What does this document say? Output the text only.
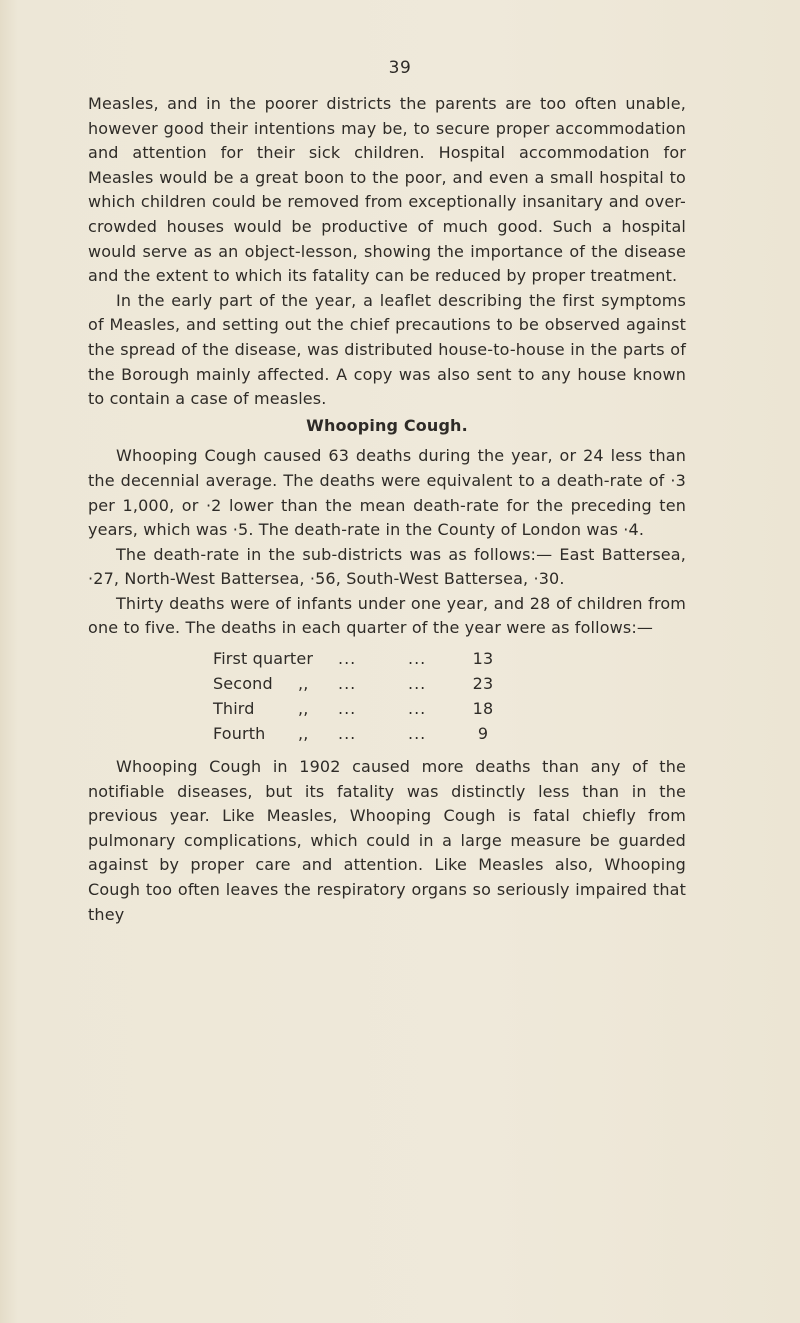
39

Measles, and in the poorer districts the parents are too often unable, however good their intentions may be, to secure proper accommodation and attention for their sick children. Hospital accommodation for Measles would be a great boon to the poor, and even a small hospital to which children could be removed from exceptionally insanitary and over-crowded houses would be productive of much good. Such a hospital would serve as an object-lesson, showing the importance of the disease and the extent to which its fatality can be reduced by proper treatment.

In the early part of the year, a leaflet describing the first symptoms of Measles, and setting out the chief precautions to be observed against the spread of the disease, was distributed house-to-house in the parts of the Borough mainly affected. A copy was also sent to any house known to contain a case of measles.

Whooping Cough.

Whooping Cough caused 63 deaths during the year, or 24 less than the decennial average. The deaths were equivalent to a death-rate of ·3 per 1,000, or ·2 lower than the mean death-rate for the preceding ten years, which was ·5. The death-rate in the County of London was ·4.

The death-rate in the sub-districts was as follows:— East Battersea, ·27, North-West Battersea, ·56, South-West Battersea, ·30.

Thirty deaths were of infants under one year, and 28 of children from one to five. The deaths in each quarter of the year were as follows:—

First quarter		...	...	13
Second	,,	...	...	23
Third	,,	...	...	18
Fourth	,,	...	...	9

Whooping Cough in 1902 caused more deaths than any of the notifiable diseases, but its fatality was distinctly less than in the previous year. Like Measles, Whooping Cough is fatal chiefly from pulmonary complications, which could in a large measure be guarded against by proper care and attention. Like Measles also, Whooping Cough too often leaves the respiratory organs so seriously impaired that they
